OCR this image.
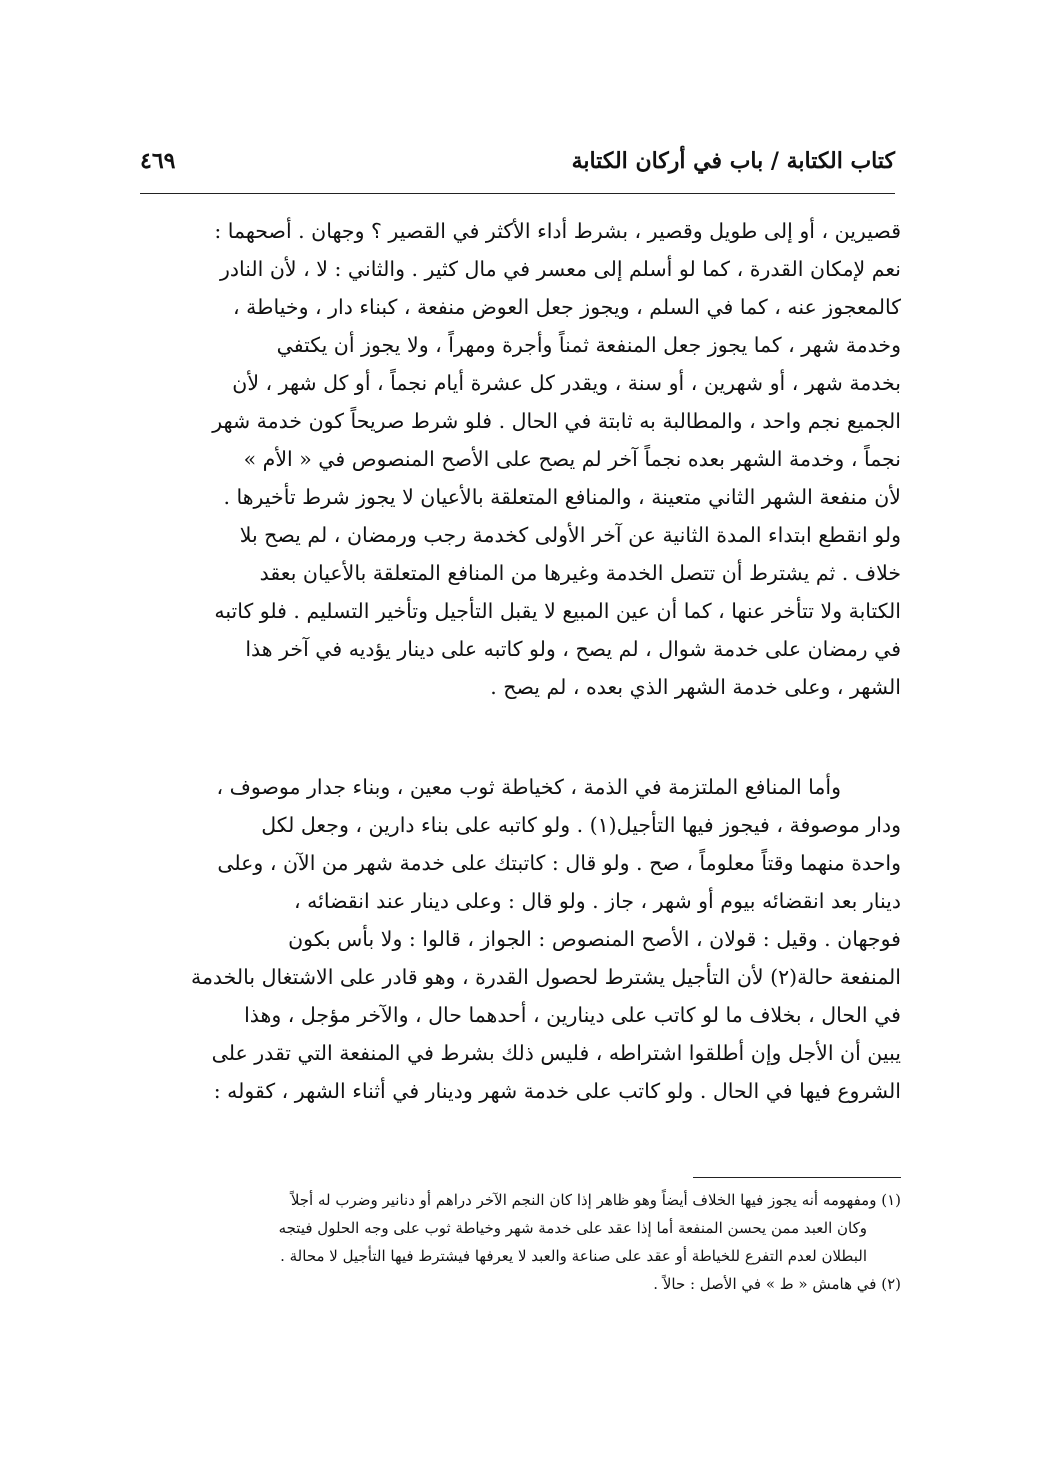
كتاب الكتابة / باب في أركان الكتابة
٤٦٩
قصيرين ، أو إلى طويل وقصير ، بشرط أداء الأكثر في القصير ؟ وجهان . أصحهما :
نعم لإمكان القدرة ، كما لو أسلم إلى معسر في مال كثير . والثاني : لا ، لأن النادر
كالمعجوز عنه ، كما في السلم ، ويجوز جعل العوض منفعة ، كبناء دار ، وخياطة ،
وخدمة شهر ، كما يجوز جعل المنفعة ثمناً وأجرة ومهراً ، ولا يجوز أن يكتفي
بخدمة شهر ، أو شهرين ، أو سنة ، ويقدر كل عشرة أيام نجماً ، أو كل شهر ، لأن
الجميع نجم واحد ، والمطالبة به ثابتة في الحال . فلو شرط صريحاً كون خدمة شهر
نجماً ، وخدمة الشهر بعده نجماً آخر لم يصح على الأصح المنصوص في « الأم »
لأن منفعة الشهر الثاني متعينة ، والمنافع المتعلقة بالأعيان لا يجوز شرط تأخيرها .
ولو انقطع ابتداء المدة الثانية عن آخر الأولى كخدمة رجب ورمضان ، لم يصح بلا
خلاف . ثم يشترط أن تتصل الخدمة وغيرها من المنافع المتعلقة بالأعيان بعقد
الكتابة ولا تتأخر عنها ، كما أن عين المبيع لا يقبل التأجيل وتأخير التسليم . فلو كاتبه
في رمضان على خدمة شوال ، لم يصح ، ولو كاتبه على دينار يؤديه في آخر هذا
الشهر ، وعلى خدمة الشهر الذي بعده ، لم يصح .
وأما المنافع الملتزمة في الذمة ، كخياطة ثوب معين ، وبناء جدار موصوف ،
ودار موصوفة ، فيجوز فيها التأجيل(١) . ولو كاتبه على بناء دارين ، وجعل لكل
واحدة منهما وقتاً معلوماً ، صح . ولو قال : كاتبتك على خدمة شهر من الآن ، وعلى
دينار بعد انقضائه بيوم أو شهر ، جاز . ولو قال : وعلى دينار عند انقضائه ،
فوجهان . وقيل : قولان ، الأصح المنصوص : الجواز ، قالوا : ولا بأس بكون
المنفعة حالة(٢) لأن التأجيل يشترط لحصول القدرة ، وهو قادر على الاشتغال بالخدمة
في الحال ، بخلاف ما لو كاتب على دينارين ، أحدهما حال ، والآخر مؤجل ، وهذا
يبين أن الأجل وإن أطلقوا اشتراطه ، فليس ذلك بشرط في المنفعة التي تقدر على
الشروع فيها في الحال . ولو كاتب على خدمة شهر ودينار في أثناء الشهر ، كقوله :
(١) ومفهومه أنه يجوز فيها الخلاف أيضاً وهو ظاهر إذا كان النجم الآخر دراهم أو دنانير وضرب له أجلاً
وكان العبد ممن يحسن المنفعة أما إذا عقد على خدمة شهر وخياطة ثوب على وجه الحلول فيتجه
البطلان لعدم التفرع للخياطة أو عقد على صناعة والعبد لا يعرفها فيشترط فيها التأجيل لا محالة .
(٢) في هامش « ط » في الأصل : حالاً .
